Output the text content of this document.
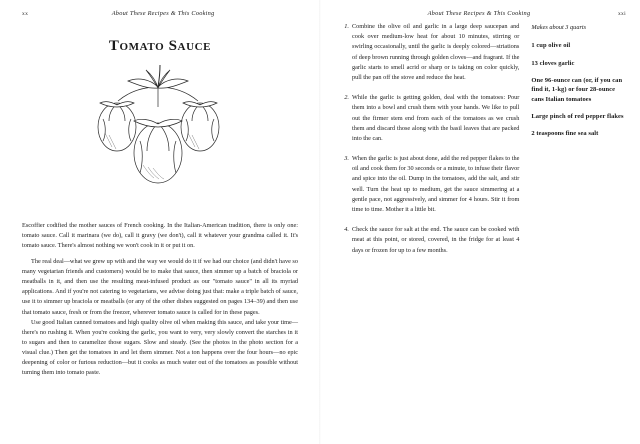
xx	About These Recipes & This Cooking
Tomato Sauce

Escoffier codified the mother sauces of French cooking. In the Italian-American tradition, there is only one: tomato sauce. Call it marinara (we do), call it gravy (we don't), call it whatever your grandma called it. It's tomato sauce. There's almost nothing we won't cook in it or put it on.

The real deal—what we grew up with and the way we would do it if we had our choice (and didn't have so many vegetarian friends and customers) would be to make that sauce, then simmer up a batch of braciola or meatballs in it, and then use the resulting meat-infused product as our "tomato sauce" in all its myriad applications. And if you're not catering to vegetarians, we advise doing just that: make a triple batch of sauce, use it to simmer up braciola or meatballs (or any of the other dishes suggested on pages 134–39) and then use that tomato sauce, fresh or from the freezer, wherever tomato sauce is called for in these pages.

Use good Italian canned tomatoes and high quality olive oil when making this sauce, and take your time—there's no rushing it. When you're cooking the garlic, you want to very, very slowly convert the starches in it to sugars and then to caramelize those sugars. Slow and steady. (See the photos in the photo section for a visual clue.) Then get the tomatoes in and let them simmer. Not a ton happens over the four hours—no epic deepening of color or furious reduction—but it cooks as much water out of the tomatoes as possible without turning them into tomato paste.

About These Recipes & This Cooking	xxi
1. Combine the olive oil and garlic in a large deep saucepan and cook over medium-low heat for about 10 minutes, stirring or swirling occasionally, until the garlic is deeply colored—striations of deep brown running through golden cloves—and fragrant. If the garlic starts to smell acrid or sharp or is taking on color quickly, pull the pan off the stove and reduce the heat.
2. While the garlic is getting golden, deal with the tomatoes: Pour them into a bowl and crush them with your hands. We like to pull out the firmer stem end from each of the tomatoes as we crush them and discard those along with the basil leaves that are packed into the can.
3. When the garlic is just about done, add the red pepper flakes to the oil and cook them for 30 seconds or a minute, to infuse their flavor and spice into the oil. Dump in the tomatoes, add the salt, and stir well. Turn the heat up to medium, get the sauce simmering at a gentle pace, not aggressively, and simmer for 4 hours. Stir it from time to time. Mother it a little bit.
4. Check the sauce for salt at the end. The sauce can be cooked with meat at this point, or stored, covered, in the fridge for at least 4 days or frozen for up to a few months.
Makes about 3 quarts
1 cup olive oil
13 cloves garlic
One 96-ounce can (or, if you can find it, 1-kg) or four 28-ounce cans Italian tomatoes
Large pinch of red pepper flakes
2 teaspoons fine sea salt
